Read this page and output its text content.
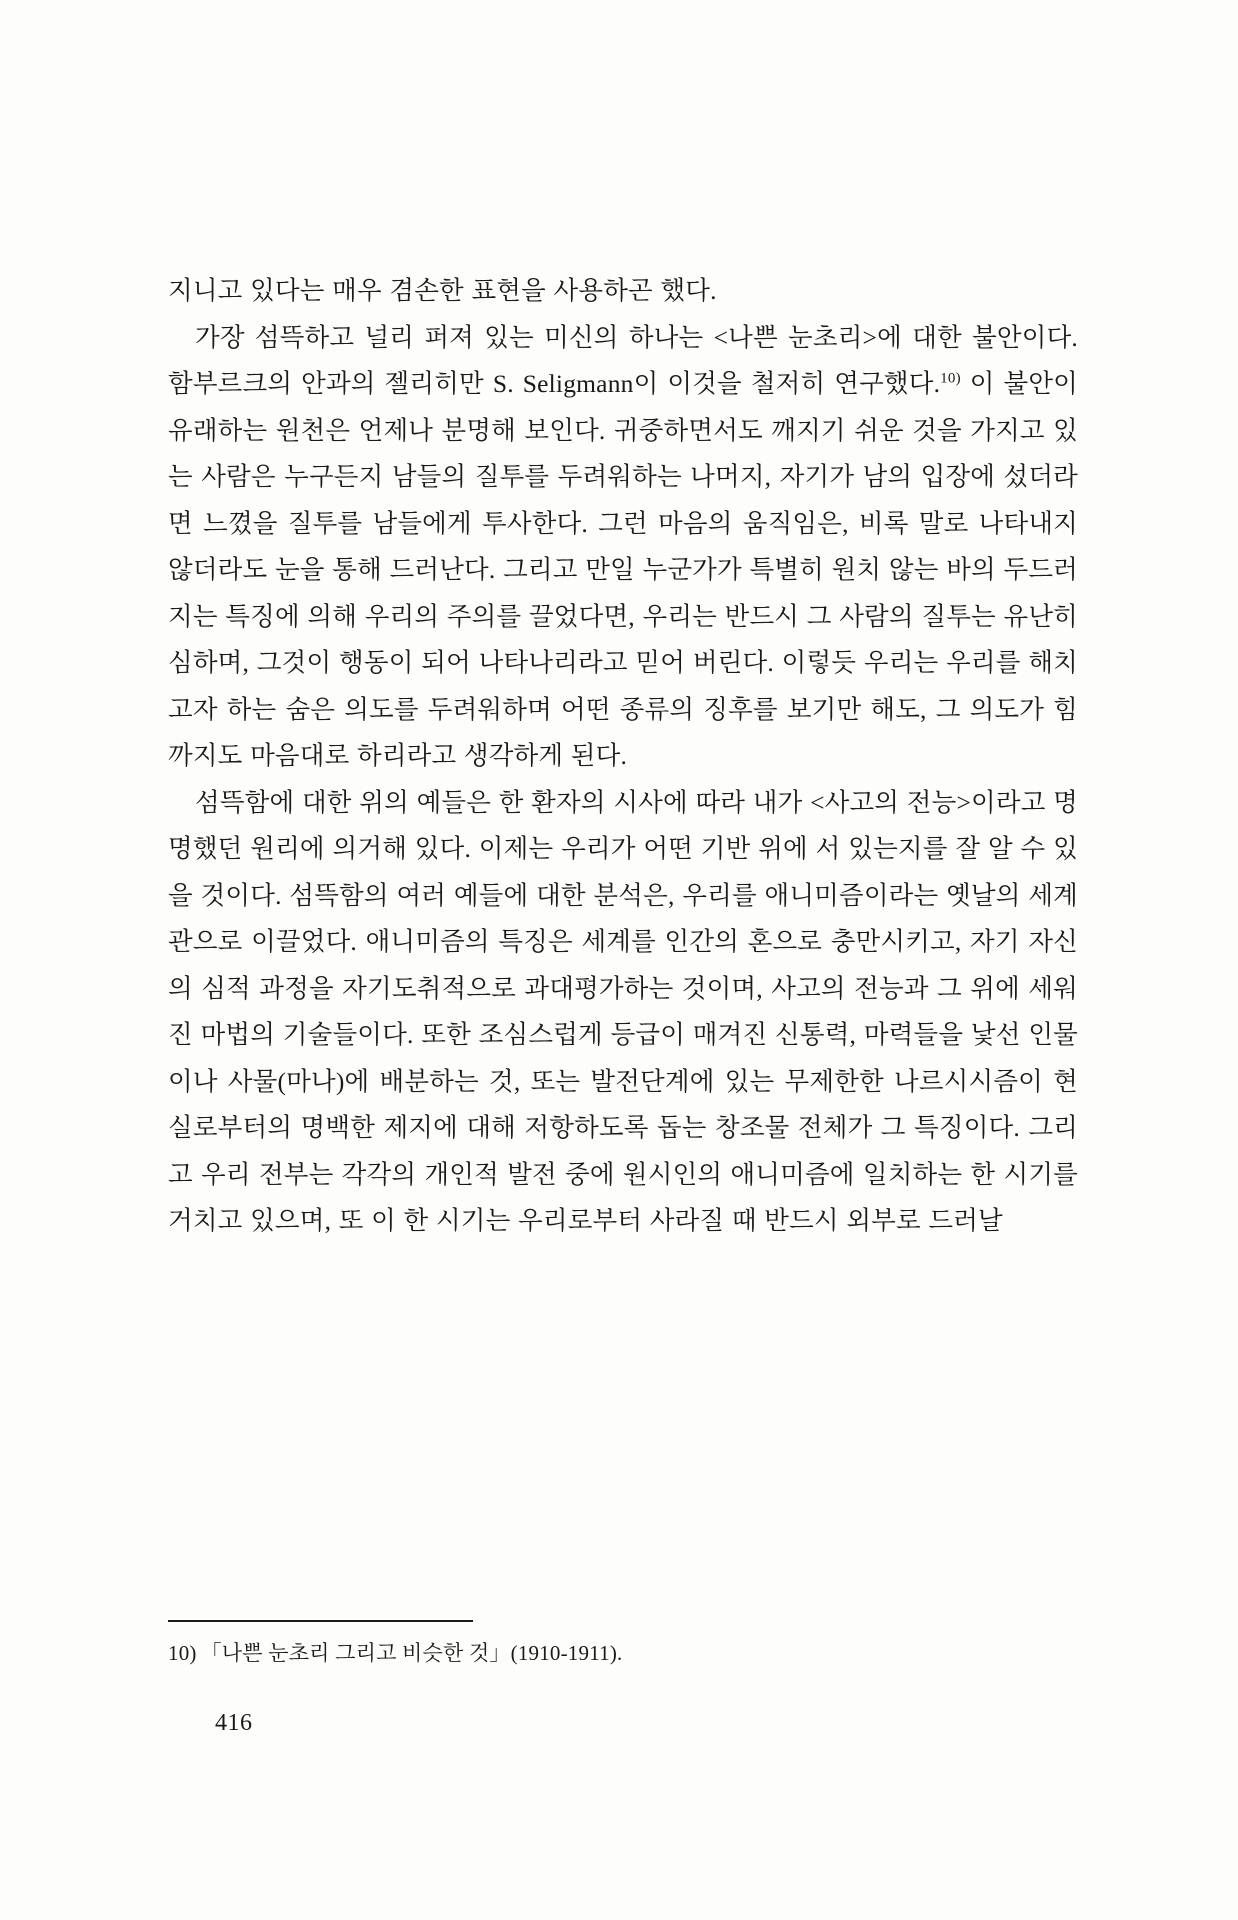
지니고 있다는 매우 겸손한 표현을 사용하곤 했다.

가장 섬뜩하고 널리 퍼져 있는 미신의 하나는 <나쁜 눈초리>에 대한 불안이다. 함부르크의 안과의 젤리히만 S. Seligmann이 이것을 철저히 연구했다.$^{10)}$ 이 불안이 유래하는 원천은 언제나 분명해 보인다. 귀중하면서도 깨지기 쉬운 것을 가지고 있는 사람은 누구든지 남들의 질투를 두려워하는 나머지, 자기가 남의 입장에 섰더라면 느꼈을 질투를 남들에게 투사한다. 그런 마음의 움직임은, 비록 말로 나타내지 않더라도 눈을 통해 드러난다. 그리고 만일 누군가가 특별히 원치 않는 바의 두드러지는 특징에 의해 우리의 주의를 끌었다면, 우리는 반드시 그 사람의 질투는 유난히 심하며, 그것이 행동이 되어 나타나리라고 믿어 버린다. 이렇듯 우리는 우리를 해치고자 하는 숨은 의도를 두려워하며 어떤 종류의 징후를 보기만 해도, 그 의도가 힘까지도 마음대로 하리라고 생각하게 된다.

섬뜩함에 대한 위의 예들은 한 환자의 시사에 따라 내가 <사고의 전능>이라고 명명했던 원리에 의거해 있다. 이제는 우리가 어떤 기반 위에 서 있는지를 잘 알 수 있을 것이다. 섬뜩함의 여러 예들에 대한 분석은, 우리를 애니미즘이라는 옛날의 세계관으로 이끌었다. 애니미즘의 특징은 세계를 인간의 혼으로 충만시키고, 자기 자신의 심적 과정을 자기도취적으로 과대평가하는 것이며, 사고의 전능과 그 위에 세워진 마법의 기술들이다. 또한 조심스럽게 등급이 매겨진 신통력, 마력들을 낯선 인물이나 사물(마나)에 배분하는 것, 또는 발전단계에 있는 무제한한 나르시시즘이 현실로부터의 명백한 제지에 대해 저항하도록 돕는 창조물 전체가 그 특징이다. 그리고 우리 전부는 각각의 개인적 발전 중에 원시인의 애니미즘에 일치하는 한 시기를 거치고 있으며, 또 이 한 시기는 우리로부터 사라질 때 반드시 외부로 드러날

10) 「나쁜 눈초리 그리고 비슷한 것」(1910-1911).
416
